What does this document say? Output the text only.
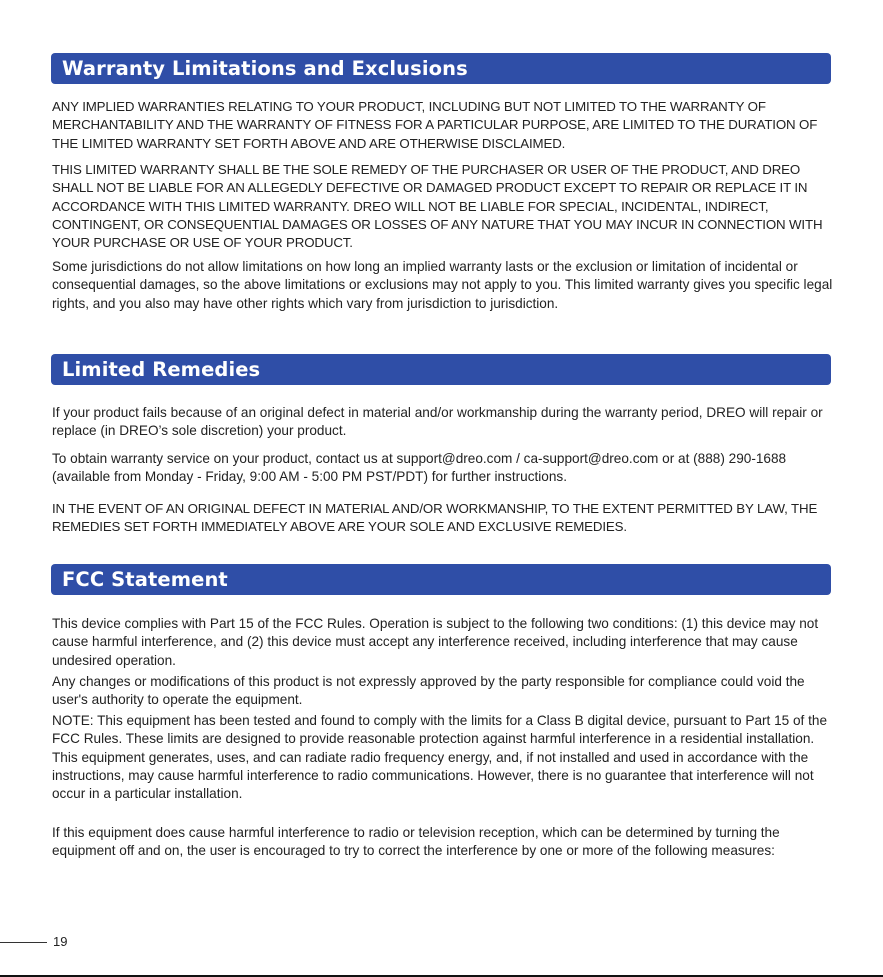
Warranty Limitations and Exclusions

ANY IMPLIED WARRANTIES RELATING TO YOUR PRODUCT, INCLUDING BUT NOT LIMITED TO THE WARRANTY OF MERCHANTABILITY AND THE WARRANTY OF FITNESS FOR A PARTICULAR PURPOSE, ARE LIMITED TO THE DURATION OF THE LIMITED WARRANTY SET FORTH ABOVE AND ARE OTHERWISE DISCLAIMED.

THIS LIMITED WARRANTY SHALL BE THE SOLE REMEDY OF THE PURCHASER OR USER OF THE PRODUCT, AND DREO SHALL NOT BE LIABLE FOR AN ALLEGEDLY DEFECTIVE OR DAMAGED PRODUCT EXCEPT TO REPAIR OR REPLACE IT IN ACCORDANCE WITH THIS LIMITED WARRANTY. DREO WILL NOT BE LIABLE FOR SPECIAL, INCIDENTAL, INDIRECT, CONTINGENT, OR CONSEQUENTIAL DAMAGES OR LOSSES OF ANY NATURE THAT YOU MAY INCUR IN CONNECTION WITH YOUR PURCHASE OR USE OF YOUR PRODUCT.

Some jurisdictions do not allow limitations on how long an implied warranty lasts or the exclusion or limitation of incidental or consequential damages, so the above limitations or exclusions may not apply to you. This limited warranty gives you specific legal rights, and you also may have other rights which vary from jurisdiction to jurisdiction.

Limited Remedies

If your product fails because of an original defect in material and/or workmanship during the warranty period, DREO will repair or replace (in DREO’s sole discretion) your product.

To obtain warranty service on your product, contact us at support@dreo.com / ca-support@dreo.com or at (888) 290-1688 (available from Monday - Friday, 9:00 AM - 5:00 PM PST/PDT) for further instructions.

IN THE EVENT OF AN ORIGINAL DEFECT IN MATERIAL AND/OR WORKMANSHIP, TO THE EXTENT PERMITTED BY LAW, THE REMEDIES SET FORTH IMMEDIATELY ABOVE ARE YOUR SOLE AND EXCLUSIVE REMEDIES.

FCC Statement

This device complies with Part 15 of the FCC Rules. Operation is subject to the following two conditions: (1) this device may not cause harmful interference, and (2) this device must accept any interference received, including interference that may cause undesired operation.

Any changes or modifications of this product is not expressly approved by the party responsible for compliance could void the user's authority to operate the equipment.

NOTE: This equipment has been tested and found to comply with the limits for a Class B digital device, pursuant to Part 15 of the FCC Rules. These limits are designed to provide reasonable protection against harmful interference in a residential installation. This equipment generates, uses, and can radiate radio frequency energy, and, if not installed and used in accordance with the instructions, may cause harmful interference to radio communications. However, there is no guarantee that interference will not occur in a particular installation.

If this equipment does cause harmful interference to radio or television reception, which can be determined by turning the equipment off and on, the user is encouraged to try to correct the interference by one or more of the following measures:

19
